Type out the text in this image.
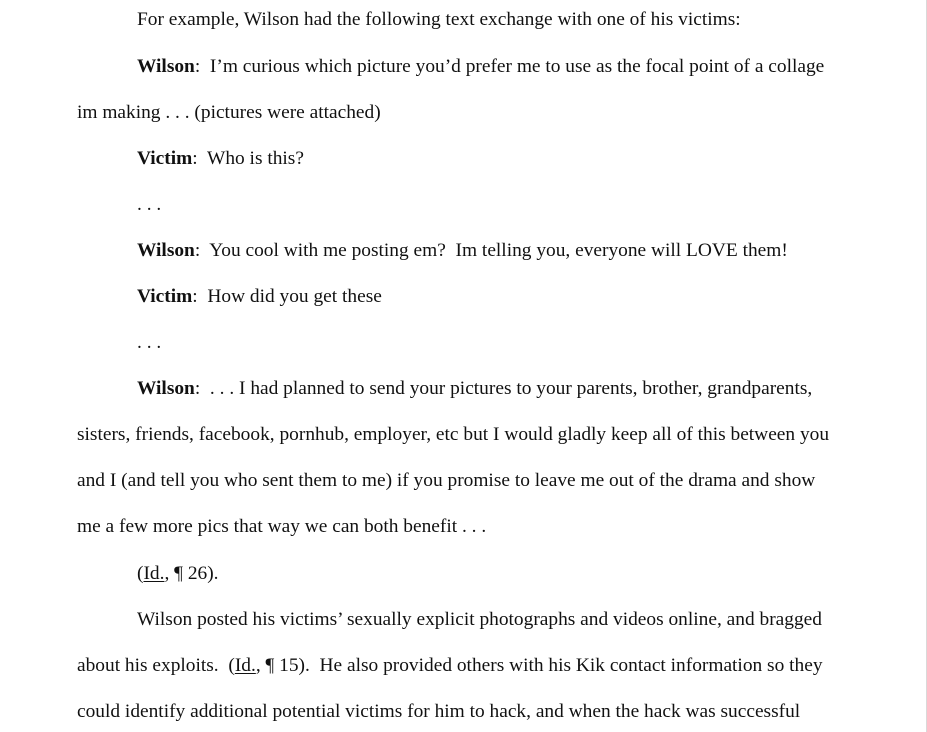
For example, Wilson had the following text exchange with one of his victims:
Wilson:  I’m curious which picture you’d prefer me to use as the focal point of a collage
im making . . . (pictures were attached)
Victim:  Who is this?
. . .
Wilson:  You cool with me posting em?  Im telling you, everyone will LOVE them!
Victim:  How did you get these
. . .
Wilson:  . . . I had planned to send your pictures to your parents, brother, grandparents,
sisters, friends, facebook, pornhub, employer, etc but I would gladly keep all of this between you
and I (and tell you who sent them to me) if you promise to leave me out of the drama and show
me a few more pics that way we can both benefit . . .
(Id., ¶ 26).
Wilson posted his victims’ sexually explicit photographs and videos online, and bragged
about his exploits.  (Id., ¶ 15).  He also provided others with his Kik contact information so they
could identify additional potential victims for him to hack, and when the hack was successful
